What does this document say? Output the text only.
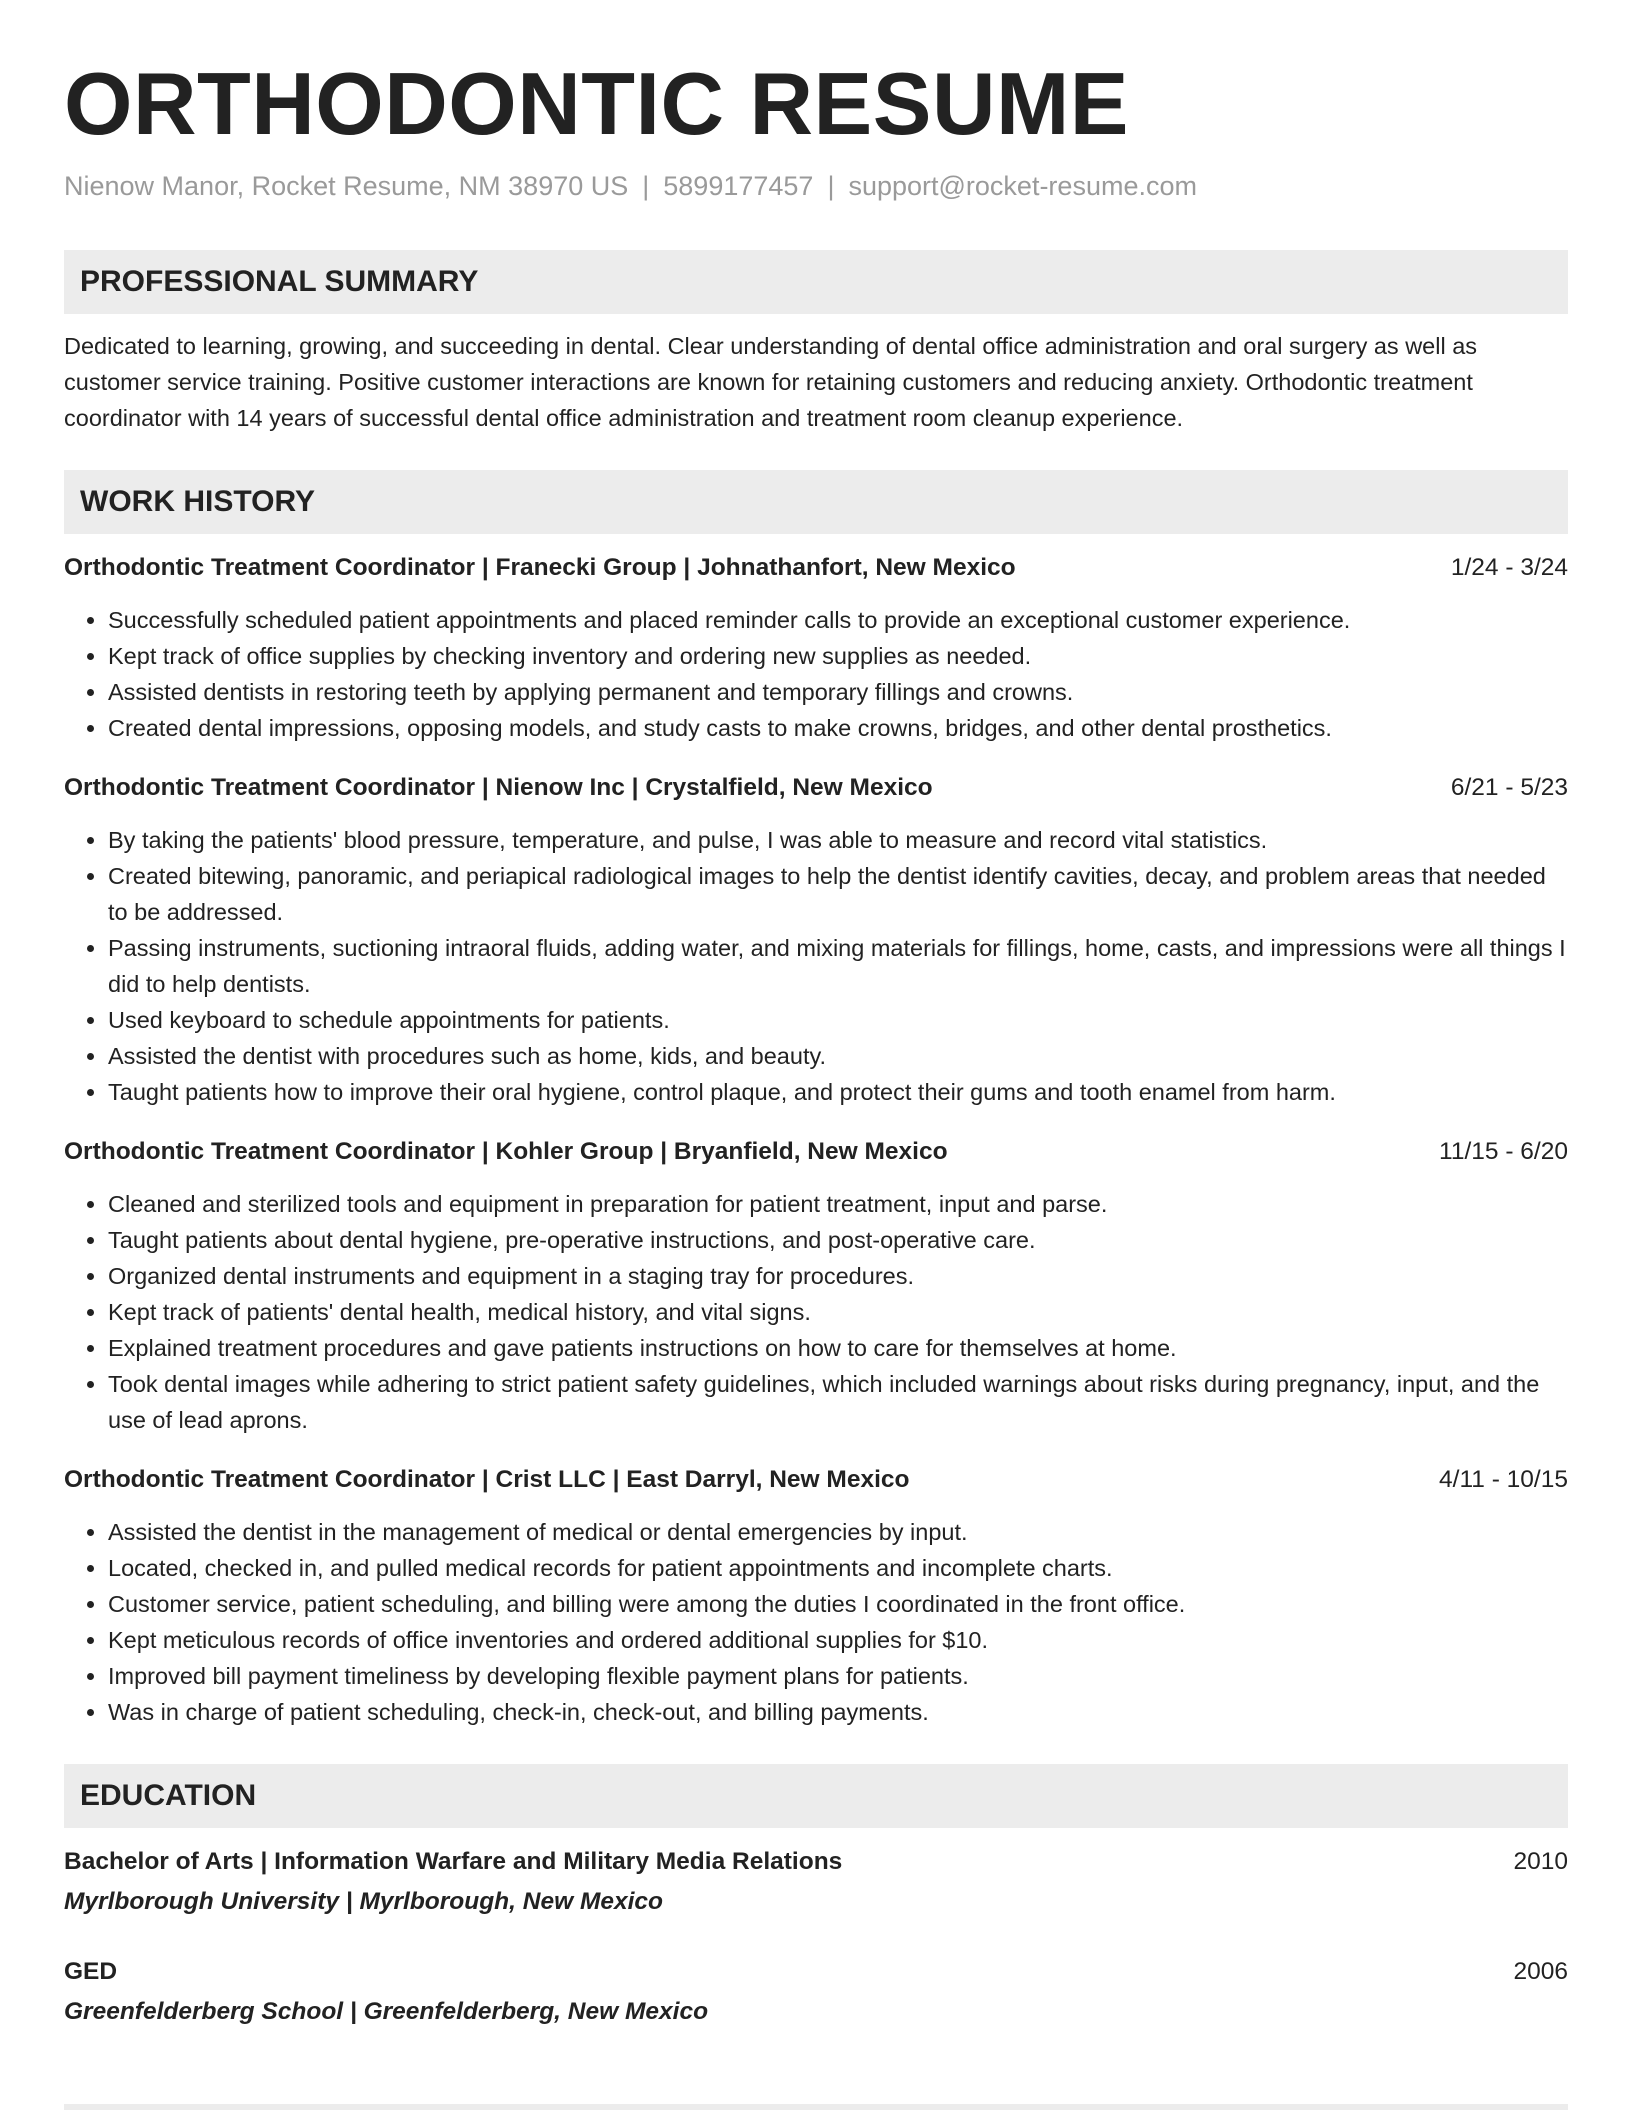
ORTHODONTIC RESUME
Nienow Manor, Rocket Resume, NM 38970 US | 5899177457 | support@rocket-resume.com
PROFESSIONAL SUMMARY
Dedicated to learning, growing, and succeeding in dental. Clear understanding of dental office administration and oral surgery as well as customer service training. Positive customer interactions are known for retaining customers and reducing anxiety. Orthodontic treatment coordinator with 14 years of successful dental office administration and treatment room cleanup experience.
WORK HISTORY
Orthodontic Treatment Coordinator | Franecki Group | Johnathanfort, New Mexico	1/24 - 3/24
• Successfully scheduled patient appointments and placed reminder calls to provide an exceptional customer experience.
• Kept track of office supplies by checking inventory and ordering new supplies as needed.
• Assisted dentists in restoring teeth by applying permanent and temporary fillings and crowns.
• Created dental impressions, opposing models, and study casts to make crowns, bridges, and other dental prosthetics.
Orthodontic Treatment Coordinator | Nienow Inc | Crystalfield, New Mexico	6/21 - 5/23
• By taking the patients' blood pressure, temperature, and pulse, I was able to measure and record vital statistics.
• Created bitewing, panoramic, and periapical radiological images to help the dentist identify cavities, decay, and problem areas that needed to be addressed.
• Passing instruments, suctioning intraoral fluids, adding water, and mixing materials for fillings, home, casts, and impressions were all things I did to help dentists.
• Used keyboard to schedule appointments for patients.
• Assisted the dentist with procedures such as home, kids, and beauty.
• Taught patients how to improve their oral hygiene, control plaque, and protect their gums and tooth enamel from harm.
Orthodontic Treatment Coordinator | Kohler Group | Bryanfield, New Mexico	11/15 - 6/20
• Cleaned and sterilized tools and equipment in preparation for patient treatment, input and parse.
• Taught patients about dental hygiene, pre-operative instructions, and post-operative care.
• Organized dental instruments and equipment in a staging tray for procedures.
• Kept track of patients' dental health, medical history, and vital signs.
• Explained treatment procedures and gave patients instructions on how to care for themselves at home.
• Took dental images while adhering to strict patient safety guidelines, which included warnings about risks during pregnancy, input, and the use of lead aprons.
Orthodontic Treatment Coordinator | Crist LLC | East Darryl, New Mexico	4/11 - 10/15
• Assisted the dentist in the management of medical or dental emergencies by input.
• Located, checked in, and pulled medical records for patient appointments and incomplete charts.
• Customer service, patient scheduling, and billing were among the duties I coordinated in the front office.
• Kept meticulous records of office inventories and ordered additional supplies for $10.
• Improved bill payment timeliness by developing flexible payment plans for patients.
• Was in charge of patient scheduling, check-in, check-out, and billing payments.
EDUCATION
Bachelor of Arts | Information Warfare and Military Media Relations	2010
Myrlborough University | Myrlborough, New Mexico
GED	2006
Greenfelderberg School | Greenfelderberg, New Mexico
